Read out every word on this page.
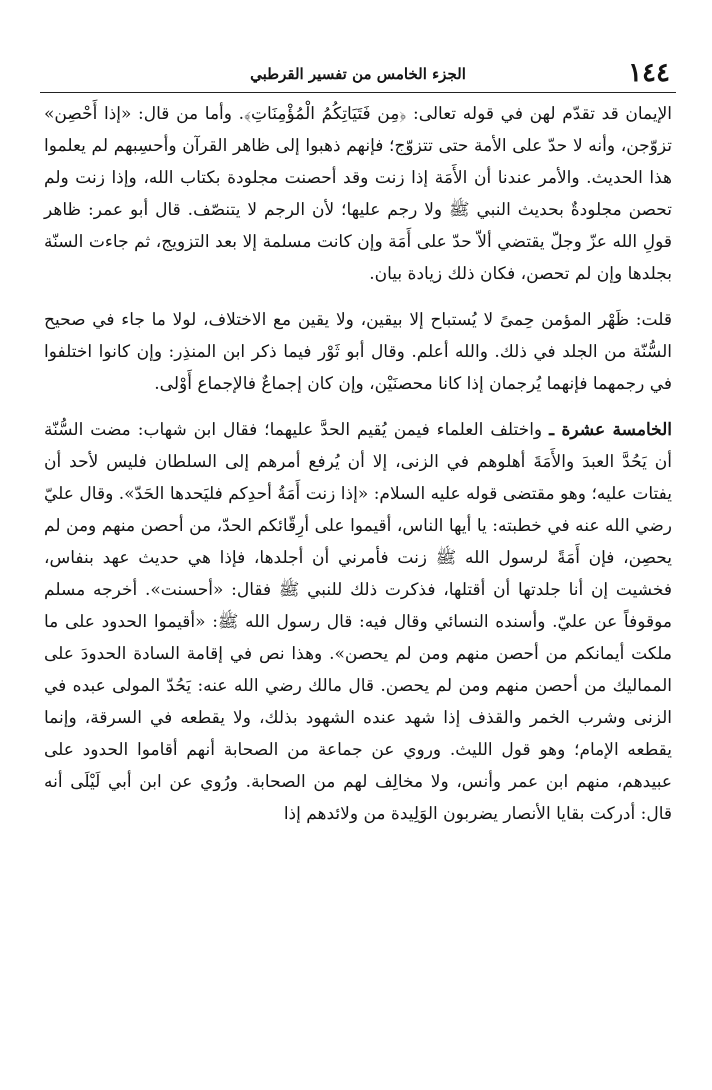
١٤٤
الجزء الخامس من تفسير القرطبي

الإيمان قد تقدّم لهن في قوله تعالى: ﴿مِن فَتَيَاتِكُمُ الْمُؤْمِنَاتِ﴾. وأما من قال: «إذا أَحْصِن» تزوّجن، وأنه لا حدّ على الأمة حتى تتزوّج؛ فإنهم ذهبوا إلى ظاهر القرآن وأحسِبهم لم يعلموا هذا الحديث. والأمر عندنا أن الأَمَة إذا زنت وقد أحصنت مجلودة بكتاب الله، وإذا زنت ولم تحصن مجلودةٌ بحديث النبي ﷺ ولا رجم عليها؛ لأن الرجم لا يتنصّف. قال أبو عمر: ظاهر قولِ الله عزّ وجلّ يقتضي ألاّ حدّ على أَمَة وإن كانت مسلمة إلا بعد التزويج، ثم جاءت السنّة بجلدها وإن لم تحصن، فكان ذلك زيادة بيان.

قلت: ظَهْر المؤمن حِمىً لا يُستباح إلا بيقين، ولا يقين مع الاختلاف، لولا ما جاء في صحيح السُّنّة من الجلد في ذلك. والله أعلم. وقال أبو ثَوْر فيما ذكر ابن المنذِر: وإن كانوا اختلفوا في رجمهما فإنهما يُرجمان إذا كانا محصنَيْن، وإن كان إجماعٌ فالإجماع أَوْلى.

الخامسة عشرة ـ واختلف العلماء فيمن يُقيم الحدَّ عليهما؛ فقال ابن شهاب: مضت السُّنّة أن يَحُدَّ العبدَ والأَمَةَ أهلوهم في الزنى، إلا أن يُرفع أمرهم إلى السلطان فليس لأحد أن يفتات عليه؛ وهو مقتضى قوله عليه السلام: «إذا زنت أَمَةُ أحدِكم فليَحدها الحَدّ». وقال عليّ رضي الله عنه في خطبته: يا أيها الناس، أقيموا على أرِقّائكم الحدّ، من أحصن منهم ومن لم يحصِن، فإن أَمَةً لرسول الله ﷺ زنت فأمرني أن أجلدها، فإذا هي حديث عهد بنفاس، فخشيت إن أنا جلدتها أن أقتلها، فذكرت ذلك للنبي ﷺ فقال: «أحسنت». أخرجه مسلم موقوفاً عن عليّ. وأسنده النسائي وقال فيه: قال رسول الله ﷺ: «أقيموا الحدود على ما ملكت أيمانكم من أحصن منهم ومن لم يحصن». وهذا نص في إقامة السادة الحدودَ على المماليك من أحصن منهم ومن لم يحصن. قال مالك رضي الله عنه: يَحُدّ المولى عبده في الزنى وشرب الخمر والقذف إذا شهد عنده الشهود بذلك، ولا يقطعه في السرقة، وإنما يقطعه الإمام؛ وهو قول الليث. وروي عن جماعة من الصحابة أنهم أقاموا الحدود على عبيدهم، منهم ابن عمر وأنس، ولا مخالِف لهم من الصحابة. ورُوي عن ابن أبي لَيْلَى أنه قال: أدركت بقايا الأنصار يضربون الوَلِيدة من ولائدهم إذا
